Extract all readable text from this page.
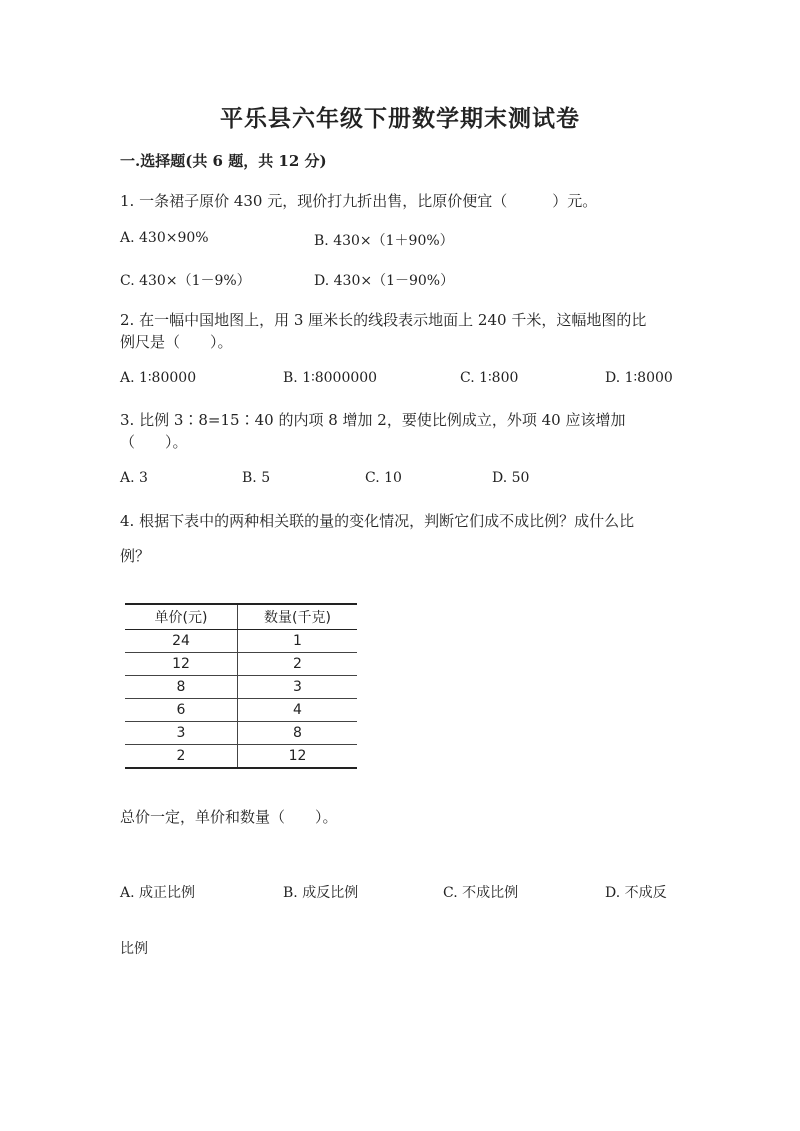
平乐县六年级下册数学期末测试卷
一.选择题(共 6 题，共 12 分)
1. 一条裙子原价 430 元，现价打九折出售，比原价便宜（　　　）元。
A. 430×90%	B. 430×（1＋90%）
C. 430×（1－9%）	D. 430×（1－90%）
2. 在一幅中国地图上，用 3 厘米长的线段表示地面上 240 千米，这幅地图的比
例尺是（　　）。
A. 1∶80000	B. 1∶8000000	C. 1∶800	D. 1∶8000
3. 比例 3∶8=15∶40 的内项 8 增加 2，要使比例成立，外项 40 应该增加
（　　）。
A. 3	B. 5	C. 10	D. 50
4. 根据下表中的两种相关联的量的变化情况，判断它们成不成比例？成什么比
例？
单价(元)	数量(千克)
24	1
12	2
8	3
6	4
3	8
2	12
总价一定，单价和数量（　　）。
A. 成正比例	B. 成反比例	C. 不成比例	D. 不成反
比例
